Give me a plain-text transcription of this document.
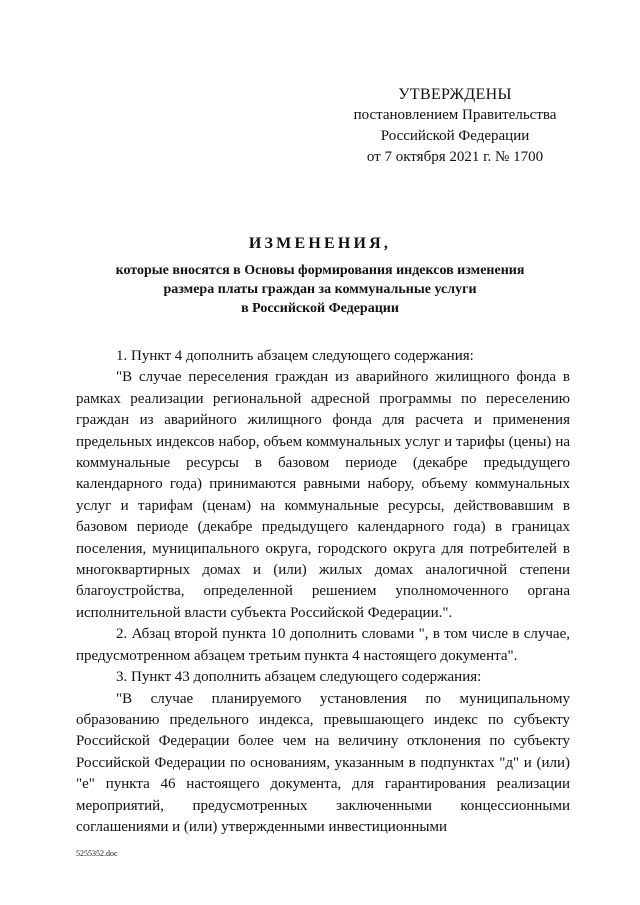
УТВЕРЖДЕНЫ
постановлением Правительства
Российской Федерации
от 7 октября 2021 г. № 1700
ИЗМЕНЕНИЯ,
которые вносятся в Основы формирования индексов изменения
размера платы граждан за коммунальные услуги
в Российской Федерации

1. Пункт 4 дополнить абзацем следующего содержания:

"В случае переселения граждан из аварийного жилищного фонда в рамках реализации региональной адресной программы по переселению граждан из аварийного жилищного фонда для расчета и применения предельных индексов набор, объем коммунальных услуг и тарифы (цены) на коммунальные ресурсы в базовом периоде (декабре предыдущего календарного года) принимаются равными набору, объему коммунальных услуг и тарифам (ценам) на коммунальные ресурсы, действовавшим в базовом периоде (декабре предыдущего календарного года) в границах поселения, муниципального округа, городского округа для потребителей в многоквартирных домах и (или) жилых домах аналогичной степени благоустройства, определенной решением уполномоченного органа исполнительной власти субъекта Российской Федерации.".

2. Абзац второй пункта 10 дополнить словами ", в том числе в случае, предусмотренном абзацем третьим пункта 4 настоящего документа".

3. Пункт 43 дополнить абзацем следующего содержания:

"В случае планируемого установления по муниципальному образованию предельного индекса, превышающего индекс по субъекту Российской Федерации более чем на величину отклонения по субъекту Российской Федерации по основаниям, указанным в подпунктах "д" и (или) "е" пункта 46 настоящего документа, для гарантирования реализации мероприятий, предусмотренных заключенными концессионными соглашениями и (или) утвержденными инвестиционными

5255352.doc
